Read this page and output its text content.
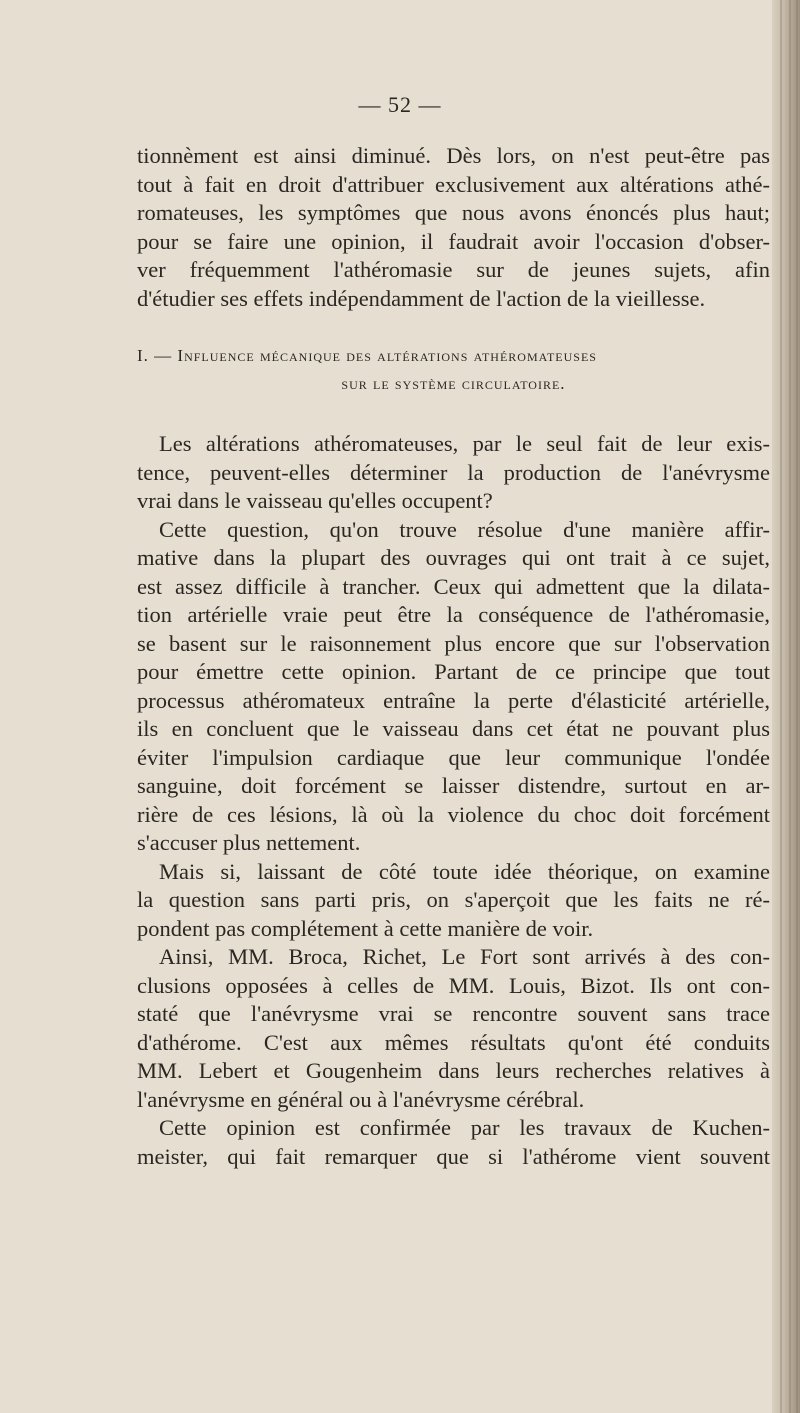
— 52 —
tionnèment est ainsi diminué. Dès lors, on n'est peut-être pas
tout à fait en droit d'attribuer exclusivement aux altérations athé-
romateuses, les symptômes que nous avons énoncés plus haut;
pour se faire une opinion, il faudrait avoir l'occasion d'obser-
ver fréquemment l'athéromasie sur de jeunes sujets, afin
d'étudier ses effets indépendamment de l'action de la vieillesse.
I. — Influence mécanique des altérations athéromateuses
sur le système circulatoire.
Les altérations athéromateuses, par le seul fait de leur exis-
tence, peuvent-elles déterminer la production de l'anévrysme
vrai dans le vaisseau qu'elles occupent?
Cette question, qu'on trouve résolue d'une manière affir-
mative dans la plupart des ouvrages qui ont trait à ce sujet,
est assez difficile à trancher. Ceux qui admettent que la dilata-
tion artérielle vraie peut être la conséquence de l'athéromasie,
se basent sur le raisonnement plus encore que sur l'observation
pour émettre cette opinion. Partant de ce principe que tout
processus athéromateux entraîne la perte d'élasticité artérielle,
ils en concluent que le vaisseau dans cet état ne pouvant plus
éviter l'impulsion cardiaque que leur communique l'ondée
sanguine, doit forcément se laisser distendre, surtout en ar-
rière de ces lésions, là où la violence du choc doit forcément
s'accuser plus nettement.
Mais si, laissant de côté toute idée théorique, on examine
la question sans parti pris, on s'aperçoit que les faits ne ré-
pondent pas complétement à cette manière de voir.
Ainsi, MM. Broca, Richet, Le Fort sont arrivés à des con-
clusions opposées à celles de MM. Louis, Bizot. Ils ont con-
staté que l'anévrysme vrai se rencontre souvent sans trace
d'athérome. C'est aux mêmes résultats qu'ont été conduits
MM. Lebert et Gougenheim dans leurs recherches relatives à
l'anévrysme en général ou à l'anévrysme cérébral.
Cette opinion est confirmée par les travaux de Kuchen-
meister, qui fait remarquer que si l'athérome vient souvent
